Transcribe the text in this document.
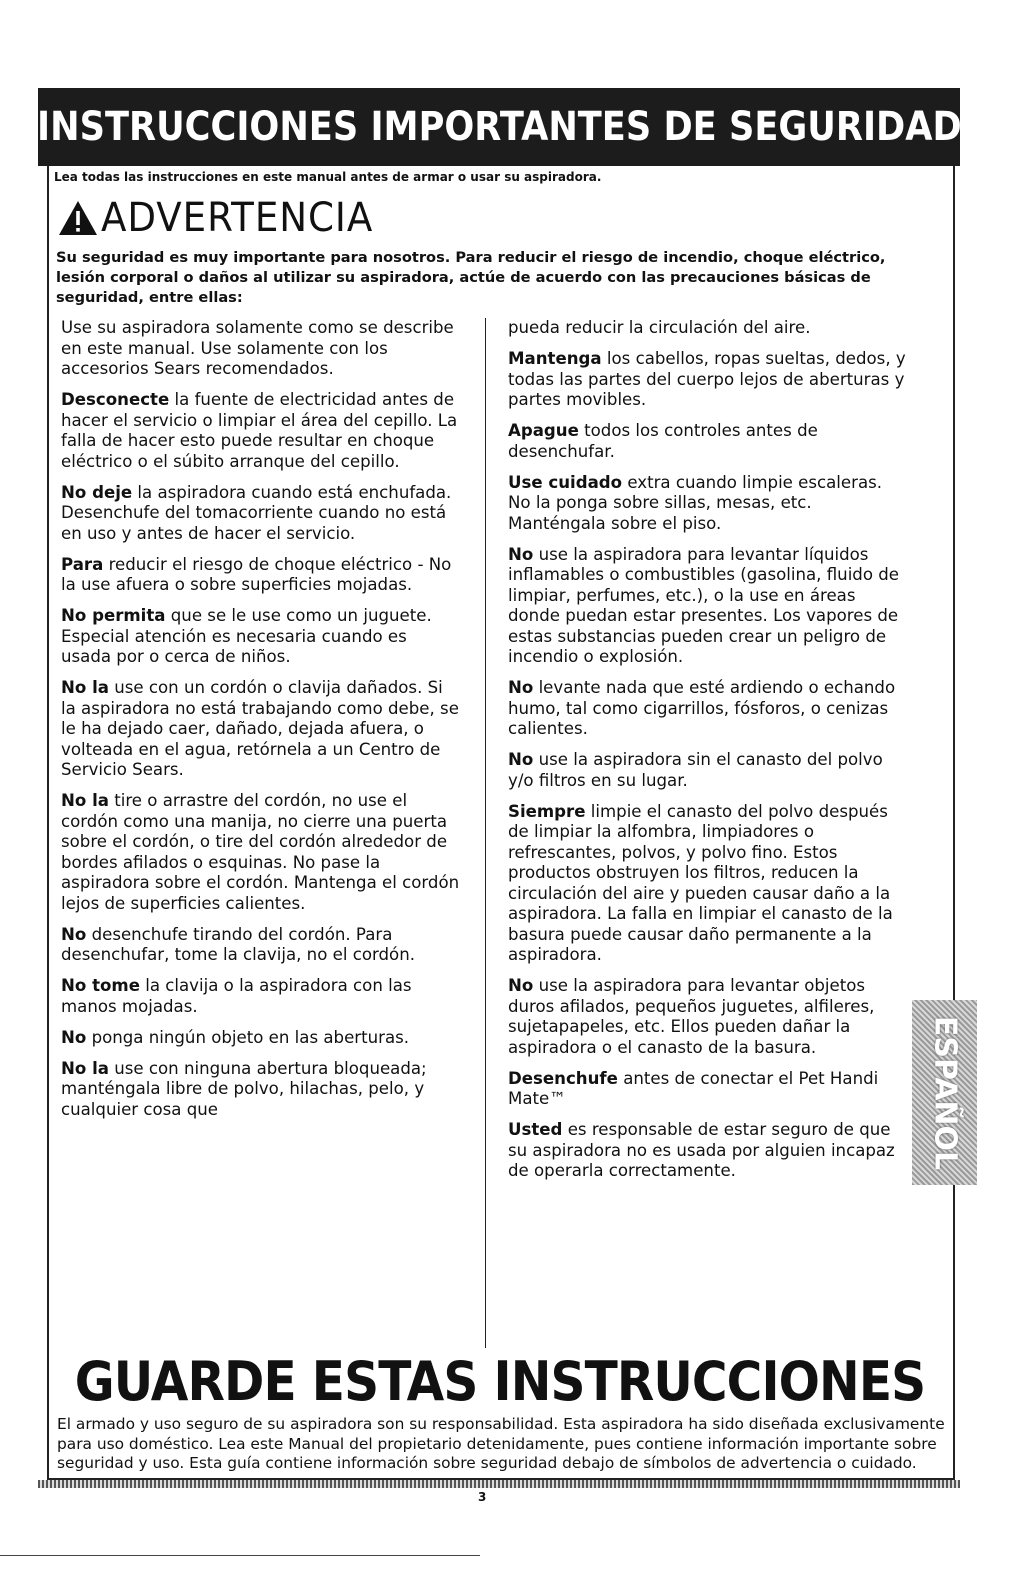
INSTRUCCIONES IMPORTANTES DE SEGURIDAD
Lea todas las instrucciones en este manual antes de armar o usar su aspiradora.
ADVERTENCIA
Su seguridad es muy importante para nosotros. Para reducir el riesgo de incendio, choque eléctrico, lesión corporal o daños al utilizar su aspiradora, actúe de acuerdo con las precauciones básicas de seguridad, entre ellas:

Use su aspiradora solamente como se describe en este manual. Use solamente con los accesorios Sears recomendados.

Desconecte la fuente de electricidad antes de hacer el servicio o limpiar el área del cepillo. La falla de hacer esto puede resultar en choque eléctrico o el súbito arranque del cepillo.

No deje la aspiradora cuando está enchufada. Desenchufe del tomacorriente cuando no está en uso y antes de hacer el servicio.

Para reducir el riesgo de choque eléctrico - No la use afuera o sobre superficies mojadas.

No permita que se le use como un juguete. Especial atención es necesaria cuando es usada por o cerca de niños.

No la use con un cordón o clavija dañados. Si la aspiradora no está trabajando como debe, se le ha dejado caer, dañado, dejada afuera, o volteada en el agua, retórnela a un Centro de Servicio Sears.

No la tire o arrastre del cordón, no use el cordón como una manija, no cierre una puerta sobre el cordón, o tire del cordón alrededor de bordes afilados o esquinas. No pase la aspiradora sobre el cordón. Mantenga el cordón lejos de superficies calientes.

No desenchufe tirando del cordón. Para desenchufar, tome la clavija, no el cordón.

No tome la clavija o la aspiradora con las manos mojadas.

No ponga ningún objeto en las aberturas.

No la use con ninguna abertura bloqueada; manténgala libre de polvo, hilachas, pelo, y cualquier cosa que

pueda reducir la circulación del aire.

Mantenga los cabellos, ropas sueltas, dedos, y todas las partes del cuerpo lejos de aberturas y partes movibles.

Apague todos los controles antes de desenchufar.

Use cuidado extra cuando limpie escaleras. No la ponga sobre sillas, mesas, etc. Manténgala sobre el piso.

No use la aspiradora para levantar líquidos inflamables o combustibles (gasolina, fluido de limpiar, perfumes, etc.), o la use en áreas donde puedan estar presentes. Los vapores de estas substancias pueden crear un peligro de incendio o explosión.

No levante nada que esté ardiendo o echando humo, tal como cigarrillos, fósforos, o cenizas calientes.

No use la aspiradora sin el canasto del polvo y/o filtros en su lugar.

Siempre limpie el canasto del polvo después de limpiar la alfombra, limpiadores o refrescantes, polvos, y polvo fino. Estos productos obstruyen los filtros, reducen la circulación del aire y pueden causar daño a la aspiradora. La falla en limpiar el canasto de la basura puede causar daño permanente a la aspiradora.

No use la aspiradora para levantar objetos duros afilados, pequeños juguetes, alfileres, sujetapapeles, etc. Ellos pueden dañar la aspiradora o el canasto de la basura.

Desenchufe antes de conectar el Pet Handi Mate™

Usted es responsable de estar seguro de que su aspiradora no es usada por alguien incapaz de operarla correctamente.

GUARDE ESTAS INSTRUCCIONES
El armado y uso seguro de su aspiradora son su responsabilidad. Esta aspiradora ha sido diseñada exclusivamente para uso doméstico. Lea este Manual del propietario detenidamente, pues contiene información importante sobre seguridad y uso. Esta guía contiene información sobre seguridad debajo de símbolos de advertencia o cuidado.
3
ESPAÑOL
